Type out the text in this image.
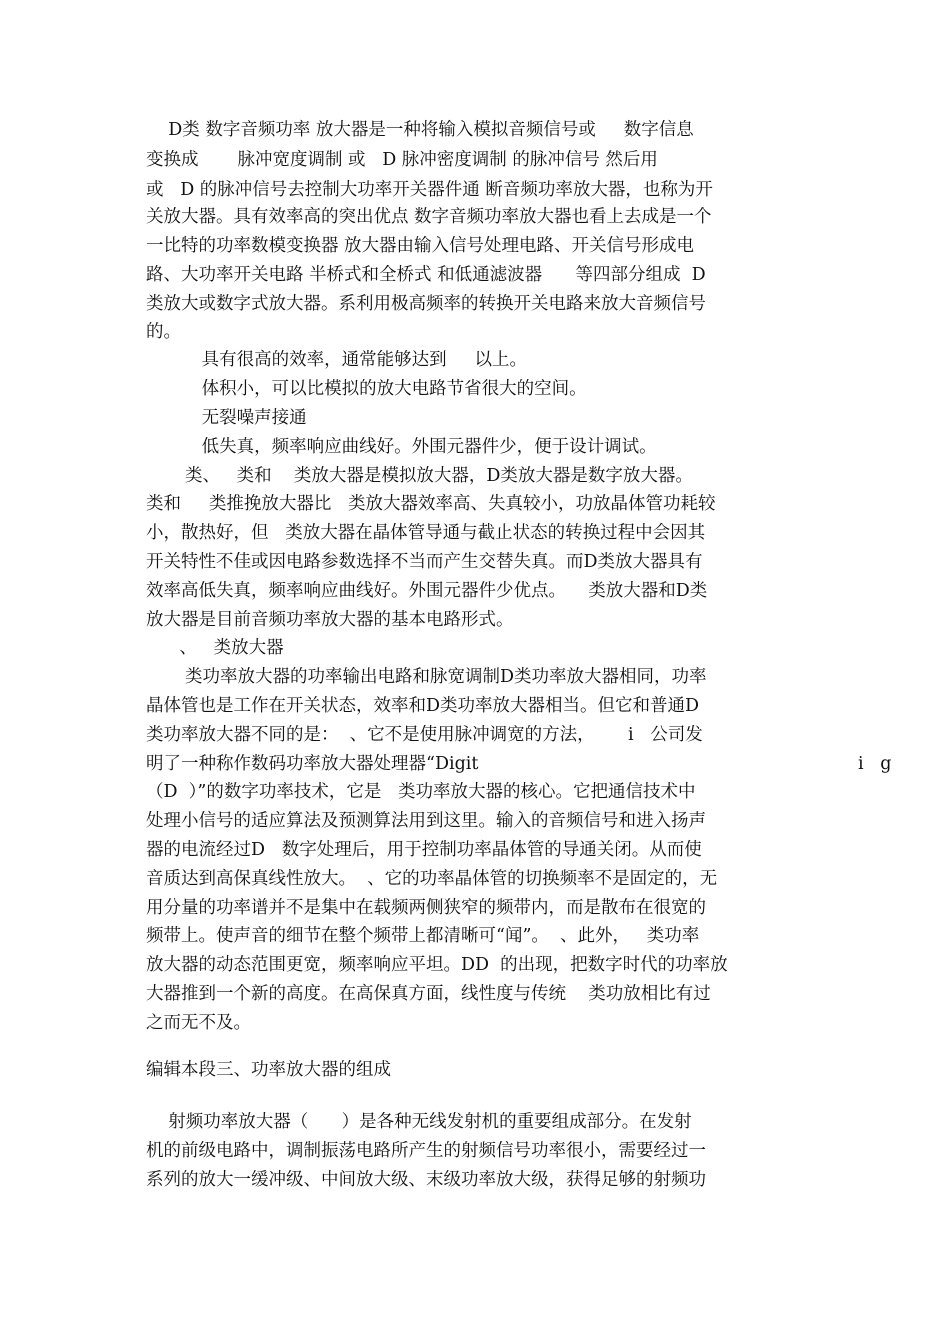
D类 数字音频功率 放大器是一种将输入模拟音频信号或     数字信息

变换成       脉冲宽度调制 或   D 脉冲密度调制 的脉冲信号 然后用

或   D 的脉冲信号去控制大功率开关器件通 断音频功率放大器，也称为开

关放大器。具有效率高的突出优点 数字音频功率放大器也看上去成是一个

一比特的功率数模变换器 放大器由输入信号处理电路、开关信号形成电

路、大功率开关电路 半桥式和全桥式 和低通滤波器      等四部分组成  D

类放大或数字式放大器。系利用极高频率的转换开关电路来放大音频信号

的。

具有很高的效率，通常能够达到     以上。

体积小，可以比模拟的放大电路节省很大的空间。

无裂噪声接通

低失真，频率响应曲线好。外围元器件少，便于设计调试。

类、   类和    类放大器是模拟放大器，D类放大器是数字放大器。

类和     类推挽放大器比   类放大器效率高、失真较小，功放晶体管功耗较

小，散热好，但   类放大器在晶体管导通与截止状态的转换过程中会因其

开关特性不佳或因电路参数选择不当而产生交替失真。而D类放大器具有

效率高低失真，频率响应曲线好。外围元器件少优点。    类放大器和D类

放大器是目前音频功率放大器的基本电路形式。

、   类放大器

类功率放大器的功率输出电路和脉宽调制D类功率放大器相同，功率

晶体管也是工作在开关状态，效率和D类功率放大器相当。但它和普通D

类功率放大器不同的是：  、它不是使用脉冲调宽的方法，      i   公司发

明了一种称作数码功率放大器处理器“Digit

（D  ）”的数字功率技术，它是   类功率放大器的核心。它把通信技术中

处理小信号的适应算法及预测算法用到这里。输入的音频信号和进入扬声

器的电流经过D   数字处理后，用于控制功率晶体管的导通关闭。从而使

音质达到高保真线性放大。  、它的功率晶体管的切换频率不是固定的，无

用分量的功率谱并不是集中在载频两侧狭窄的频带内，而是散布在很宽的

频带上。使声音的细节在整个频带上都清晰可“闻”。  、此外，   类功率

放大器的动态范围更宽，频率响应平坦。DD  的出现，把数字时代的功率放

大器推到一个新的高度。在高保真方面，线性度与传统    类功放相比有过

之而无不及。

编辑本段三、功率放大器的组成

射频功率放大器（      ）是各种无线发射机的重要组成部分。在发射

机的前级电路中，调制振荡电路所产生的射频信号功率很小，需要经过一

系列的放大一缓冲级、中间放大级、末级功率放大级，获得足够的射频功

i   g
